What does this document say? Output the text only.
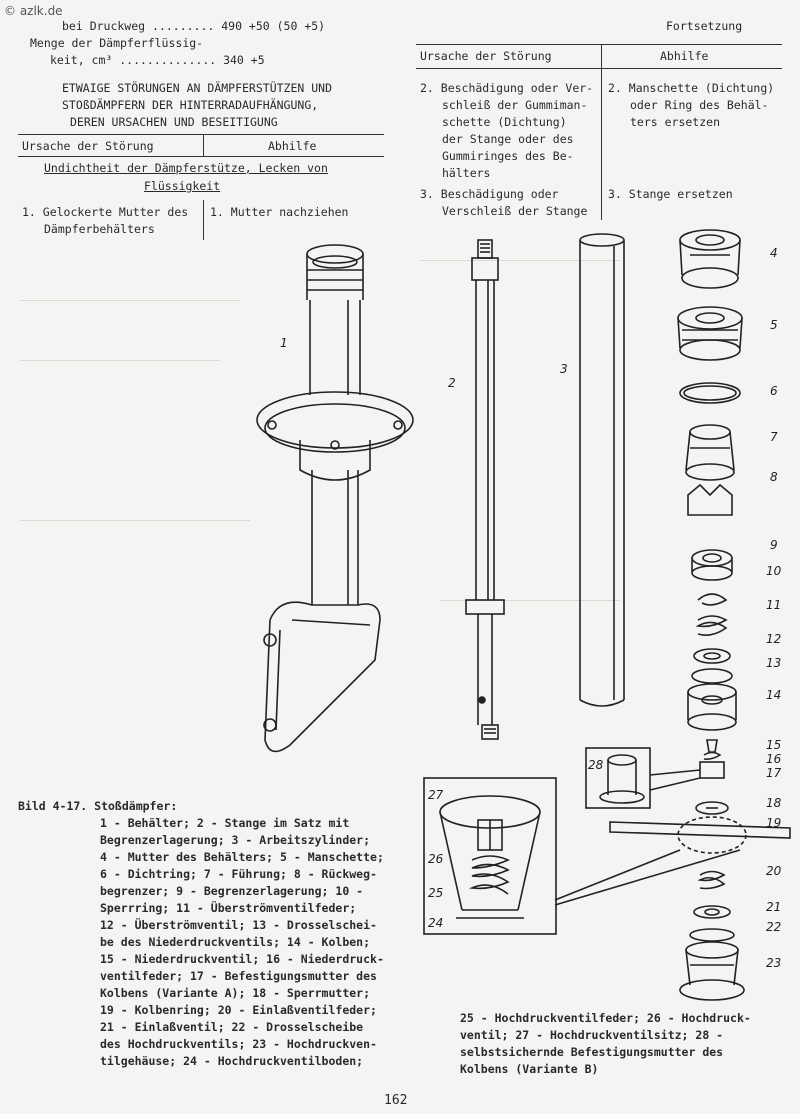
© azlk.de
bei Druckweg ......... 490 +50 (50 +5)
Menge der Dämpferflüssig-
keit, cm³ .............. 340 +5
ETWAIGE STÖRUNGEN AN DÄMPFERSTÜTZEN UND
STOßDÄMPFERN DER HINTERRADAUFHÄNGUNG,
DEREN URSACHEN UND BESEITIGUNG
Ursache der Störung	Abhilfe
Undichtheit der Dämpferstütze, Lecken von
Flüssigkeit
1. Gelockerte Mutter des
Dämpferbehälters
1. Mutter nachziehen
Fortsetzung
Ursache der Störung	Abhilfe
2. Beschädigung oder Ver-
schleiß der Gummiman-
schette (Dichtung)
der Stange oder des
Gummiringes des Be-
hälters
2. Manschette (Dichtung)
oder Ring des Behäl-
ters ersetzen
3. Beschädigung oder
Verschleiß der Stange
3. Stange ersetzen
1
2
3
4
5
6
7
8
9
10
11
12
13
14
15
16
17
18
19
20
21
22
23
24
25
26
27
28
Bild 4-17. Stoßdämpfer:
1 - Behälter; 2 - Stange im Satz mit
Begrenzerlagerung; 3 - Arbeitszylinder;
4 - Mutter des Behälters; 5 - Manschette;
6 - Dichtring; 7 - Führung; 8 - Rückweg-
begrenzer; 9 - Begrenzerlagerung; 10 -
Sperrring; 11 - Überströmventilfeder;
12 - Überströmventil; 13 - Drosselschei-
be des Niederdruckventils; 14 - Kolben;
15 - Niederdruckventil; 16 - Niederdruck-
ventilfeder; 17 - Befestigungsmutter des
Kolbens (Variante A); 18 - Sperrmutter;
19 - Kolbenring; 20 - Einlaßventilfeder;
21 - Einlaßventil; 22 - Drosselscheibe
des Hochdruckventils; 23 - Hochdruckven-
tilgehäuse; 24 - Hochdruckventilboden;
25 - Hochdruckventilfeder; 26 - Hochdruck-
ventil; 27 - Hochdruckventilsitz; 28 -
selbstsichernde Befestigungsmutter des
Kolbens (Variante B)
162
